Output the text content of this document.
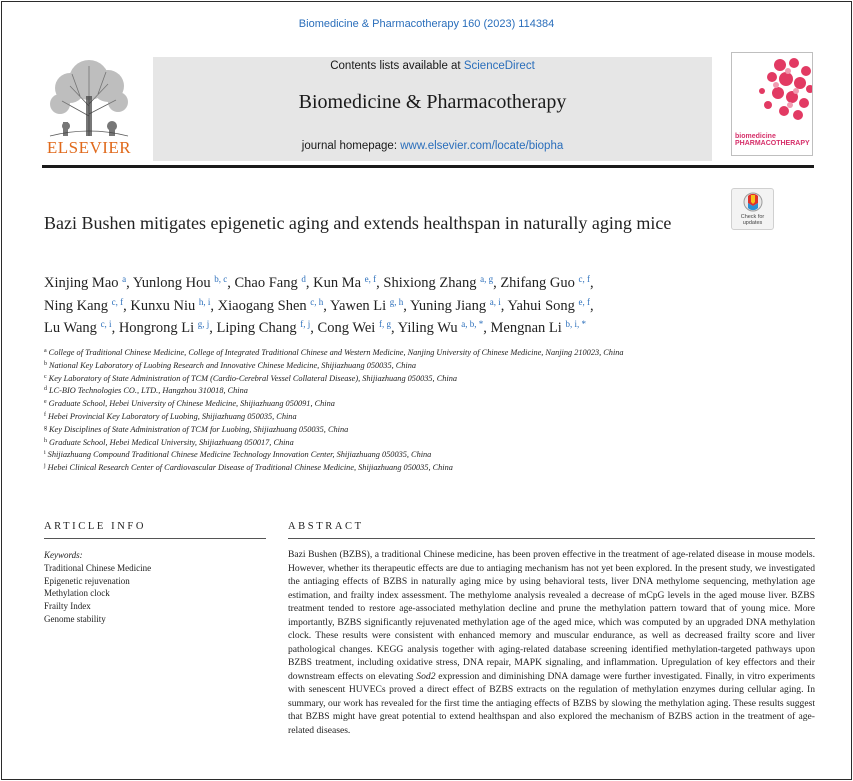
Biomedicine & Pharmacotherapy 160 (2023) 114384
ELSEVIER
Contents lists available at ScienceDirect
Biomedicine & Pharmacotherapy
journal homepage: www.elsevier.com/locate/biopha
biomedicine
PHARMACOTHERAPY
Bazi Bushen mitigates epigenetic aging and extends healthspan in naturally aging mice	Check for
updates
Xinjing Mao $^a$, Yunlong Hou $^{b, c}$, Chao Fang $^d$, Kun Ma $^{e, f}$, Shixiong Zhang $^{a, g}$, Zhifang Guo $^{c, f}$,
Ning Kang $^{c, f}$, Kunxu Niu $^{h, i}$, Xiaogang Shen $^{c, h}$, Yawen Li $^{g, h}$, Yuning Jiang $^{a, i}$, Yahui Song $^{e, f}$,
Lu Wang $^{c, i}$, Hongrong Li $^{g, j}$, Liping Chang $^{f, j}$, Cong Wei $^{f, g}$, Yiling Wu $^{a, b, *}$, Mengnan Li $^{b, i, *}$
$^a$ College of Traditional Chinese Medicine, College of Integrated Traditional Chinese and Western Medicine, Nanjing University of Chinese Medicine, Nanjing 210023, China
$^b$ National Key Laboratory of Luobing Research and Innovative Chinese Medicine, Shijiazhuang 050035, China
$^c$ Key Laboratory of State Administration of TCM (Cardio-Cerebral Vessel Collateral Disease), Shijiazhuang 050035, China
$^d$ LC-BIO Technologies CO., LTD., Hangzhou 310018, China
$^e$ Graduate School, Hebei University of Chinese Medicine, Shijiazhuang 050091, China
$^f$ Hebei Provincial Key Laboratory of Luobing, Shijiazhuang 050035, China
$^g$ Key Disciplines of State Administration of TCM for Luobing, Shijiazhuang 050035, China
$^h$ Graduate School, Hebei Medical University, Shijiazhuang 050017, China
$^i$ Shijiazhuang Compound Traditional Chinese Medicine Technology Innovation Center, Shijiazhuang 050035, China
$^j$ Hebei Clinical Research Center of Cardiovascular Disease of Traditional Chinese Medicine, Shijiazhuang 050035, China
ARTICLE INFO
Keywords:
Traditional Chinese Medicine
Epigenetic rejuvenation
Methylation clock
Frailty Index
Genome stability
ABSTRACT
Bazi Bushen (BZBS), a traditional Chinese medicine, has been proven effective in the treatment of age-related disease in mouse models. However, whether its therapeutic effects are due to antiaging mechanism has not yet been explored. In the present study, we investigated the antiaging effects of BZBS in naturally aging mice by using behavioral tests, liver DNA methylome sequencing, methylation age estimation, and frailty index assessment. The methylome analysis revealed a decrease of mCpG levels in the aged mouse liver. BZBS treatment tended to restore age-associated methylation decline and prune the methylation pattern toward that of young mice. More importantly, BZBS significantly rejuvenated methylation age of the aged mice, which was computed by an upgraded DNA methylation clock. These results were consistent with enhanced memory and muscular endurance, as well as decreased frailty score and liver pathological changes. KEGG analysis together with aging-related database screening identified methylation-targeted pathways upon BZBS treatment, including oxidative stress, DNA repair, MAPK signaling, and inflammation. Upregulation of key effectors and their downstream effects on elevating Sod2 expression and diminishing DNA damage were further investigated. Finally, in vitro experiments with senescent HUVECs proved a direct effect of BZBS extracts on the regulation of methylation enzymes during cellular aging. In summary, our work has revealed for the first time the antiaging effects of BZBS by slowing the methylation aging. These results suggest that BZBS might have great potential to extend healthspan and also explored the mechanism of BZBS action in the treatment of age-related diseases.
